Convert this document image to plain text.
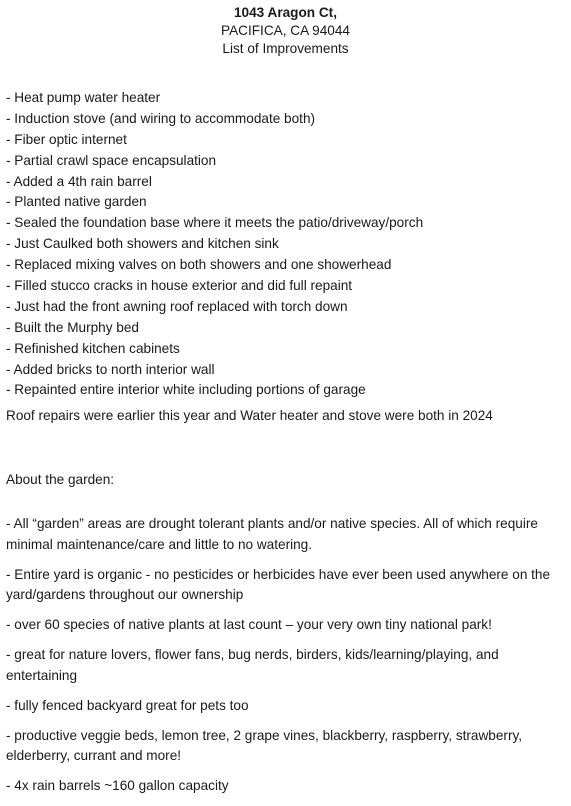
1043 Aragon Ct,
PACIFICA, CA 94044
List of Improvements
- Heat pump water heater
- Induction stove (and wiring to accommodate both)
- Fiber optic internet
- Partial crawl space encapsulation
- Added a 4th rain barrel
- Planted native garden
- Sealed the foundation base where it meets the patio/driveway/porch
- Just Caulked both showers and kitchen sink
- Replaced mixing valves on both showers and one showerhead
- Filled stucco cracks in house exterior and did full repaint
- Just had the front awning roof replaced with torch down
- Built the Murphy bed
- Refinished kitchen cabinets
- Added bricks to north interior wall
- Repainted entire interior white including portions of garage
Roof repairs were earlier this year and Water heater and stove were both in 2024
About the garden:
- All “garden” areas are drought tolerant plants and/or native species. All of which require minimal maintenance/care and little to no watering.
- Entire yard is organic - no pesticides or herbicides have ever been used anywhere on the yard/gardens throughout our ownership
- over 60 species of native plants at last count – your very own tiny national park!
- great for nature lovers, flower fans, bug nerds, birders, kids/learning/playing, and entertaining
- fully fenced backyard great for pets too
- productive veggie beds, lemon tree, 2 grape vines, blackberry, raspberry, strawberry, elderberry, currant and more!
- 4x rain barrels ~160 gallon capacity
